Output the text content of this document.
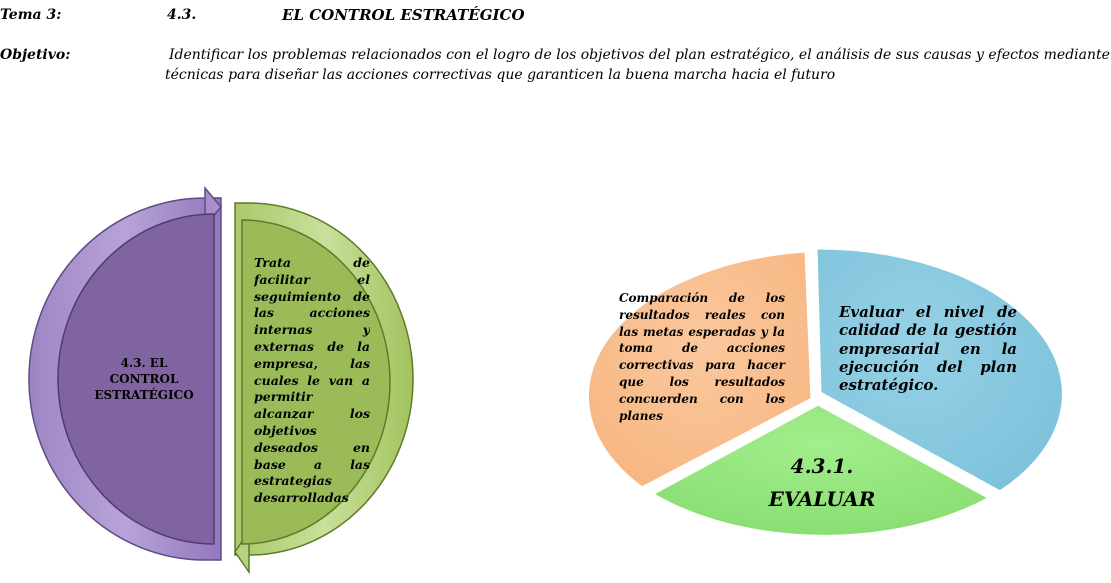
Tema 3:	4.3.	EL CONTROL ESTRATÉGICO
Objetivo:	Identificar los problemas relacionados con el logro de los objetivos del plan estratégico, el análisis de sus causas y efectos mediante
técnicas para diseñar las acciones correctivas que garanticen la buena marcha hacia el futuro
4.3. EL CONTROL ESTRATÉGICO
Trata de facilitar el seguimiento de las acciones internas y externas de la empresa, las cuales le van a permitir alcanzar los objetivos deseados en base a las estrategias desarrolladas
Comparación de los resultados reales con las metas esperadas y la toma de acciones correctivas para hacer que los resultados concuerden con los planes
Evaluar el nivel de calidad de la gestión empresarial en la ejecución del plan estratégico.
4.3.1.
EVALUAR
